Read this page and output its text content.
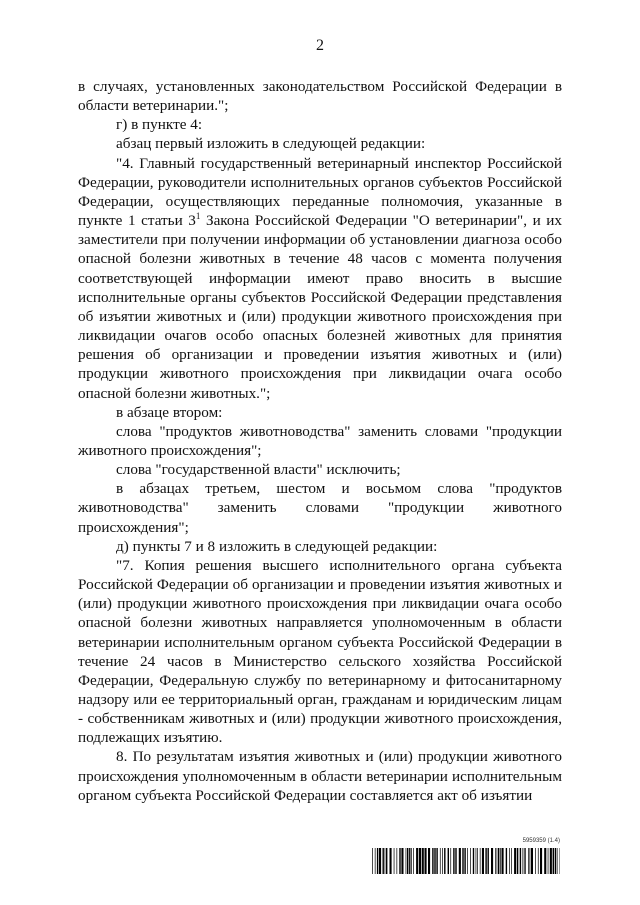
2

в случаях, установленных законодательством Российской Федерации в области ветеринарии.";

г) в пункте 4:

абзац первый изложить в следующей редакции:

"4. Главный государственный ветеринарный инспектор Российской Федерации, руководители исполнительных органов субъектов Российской Федерации, осуществляющих переданные полномочия, указанные в пункте 1 статьи $3^1$ Закона Российской Федерации "О ветеринарии", и их заместители при получении информации об установлении диагноза особо опасной болезни животных в течение 48 часов с момента получения соответствующей информации имеют право вносить в высшие исполнительные органы субъектов Российской Федерации представления об изъятии животных и (или) продукции животного происхождения при ликвидации очагов особо опасных болезней животных для принятия решения об организации и проведении изъятия животных и (или) продукции животного происхождения при ликвидации очага особо опасной болезни животных.";

в абзаце втором:

слова "продуктов животноводства" заменить словами "продукции животного происхождения";

слова "государственной власти" исключить;

в абзацах третьем, шестом и восьмом слова "продуктов животноводства" заменить словами "продукции животного происхождения";

д) пункты 7 и 8 изложить в следующей редакции:

"7. Копия решения высшего исполнительного органа субъекта Российской Федерации об организации и проведении изъятия животных и (или) продукции животного происхождения при ликвидации очага особо опасной болезни животных направляется уполномоченным в области ветеринарии исполнительным органом субъекта Российской Федерации в течение 24 часов в Министерство сельского хозяйства Российской Федерации, Федеральную службу по ветеринарному и фитосанитарному надзору или ее территориальный орган, гражданам и юридическим лицам - собственникам животных и (или) продукции животного происхождения, подлежащих изъятию.

8. По результатам изъятия животных и (или) продукции животного происхождения уполномоченным в области ветеринарии исполнительным органом субъекта Российской Федерации составляется акт об изъятии

5959359 (1.4)
